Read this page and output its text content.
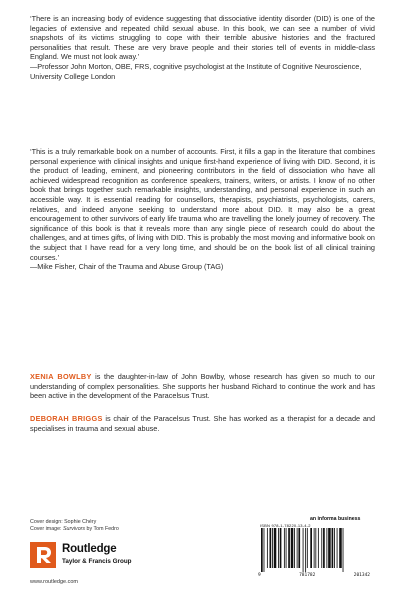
‘There is an increasing body of evidence suggesting that dissociative identity disorder (DID) is one of the legacies of extensive and repeated child sexual abuse. In this book, we can see a number of vivid snapshots of its victims struggling to cope with their terrible abusive histories and the fractured personalities that result. These are very brave people and their stories tell of events in middle-class England. We must not look away.’

—Professor John Morton, OBE, FRS, cognitive psychologist at the Institute of Cognitive Neuroscience, University College London

‘This is a truly remarkable book on a number of accounts. First, it fills a gap in the literature that combines personal experience with clinical insights and unique first-hand experience of living with DID. Second, it is the product of leading, eminent, and pioneering contributors in the field of dissociation who have all achieved widespread recognition as conference speakers, trainers, writers, or artists. I know of no other book that brings together such remarkable insights, understanding, and personal experience in such an accessible way. It is essential reading for counsellors, therapists, psychiatrists, psychologists, carers, relatives, and indeed anyone seeking to understand more about DID. It may also be a great encouragement to other survivors of early life trauma who are travelling the lonely journey of recovery. The significance of this book is that it reveals more than any single piece of research could do about the challenges, and at times gifts, of living with DID. This is probably the most moving and informative book on the subject that I have read for a very long time, and should be on the book list of all clinical training courses.’

—Mike Fisher, Chair of the Trauma and Abuse Group (TAG)

XENIA BOWLBY is the daughter-in-law of John Bowlby, whose research has given so much to our understanding of complex personalities. She supports her husband Richard to continue the work and has been active in the development of the Paracelsus Trust.
DEBORAH BRIGGS is chair of the Paracelsus Trust. She has worked as a therapist for a decade and specialises in trauma and sexual abuse.
Cover design: Sophie Chéry
Cover image: Survivors by Tom Fedro
Routledge
Taylor & Francis Group
www.routledge.com
an informa business
ISBN 978-1-78220-13-4-2
9	781782	201342
